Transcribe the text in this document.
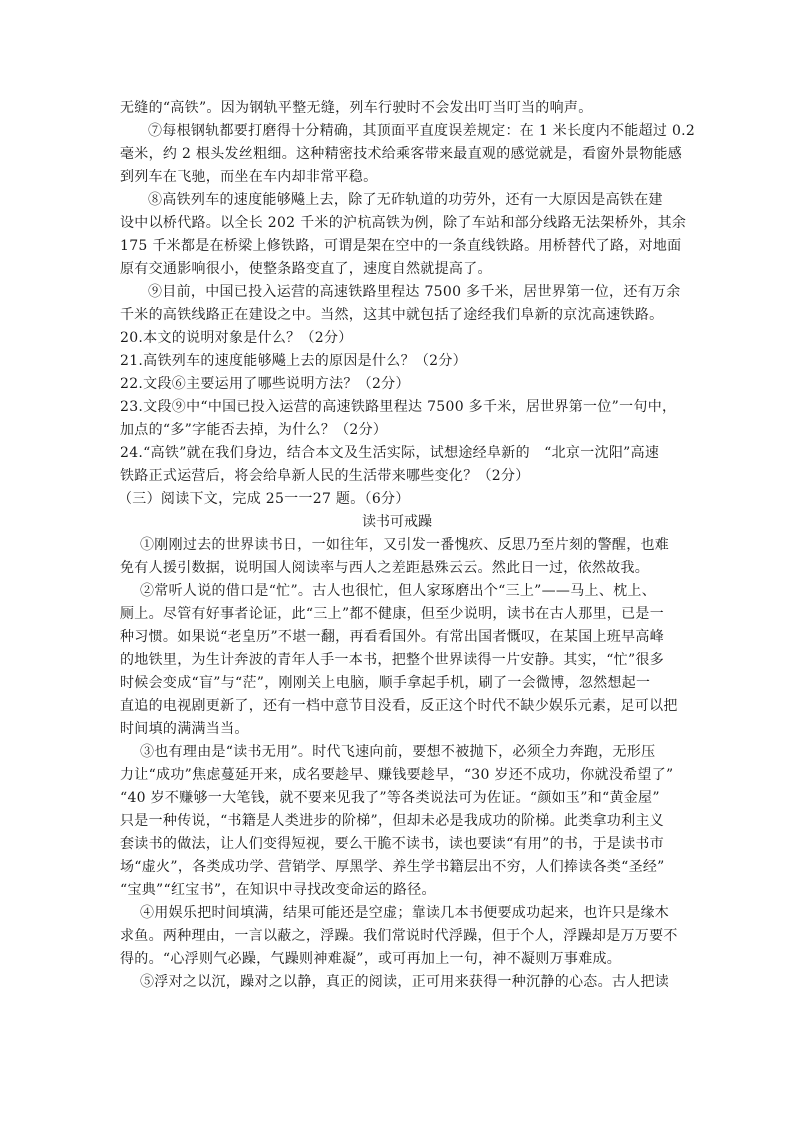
无缝的“高铁”。因为钢轨平整无缝，列车行驶时不会发出叮当叮当的响声。
⑦每根钢轨都要打磨得十分精确，其顶面平直度误差规定：在 1 米长度内不能超过 0.2
毫米，约 2 根头发丝粗细。这种精密技术给乘客带来最直观的感觉就是，看窗外景物能感
到列车在飞驰，而坐在车内却非常平稳。
⑧高铁列车的速度能够飚上去，除了无砟轨道的功劳外，还有一大原因是高铁在建
设中以桥代路。以全长 202 千米的沪杭高铁为例，除了车站和部分线路无法架桥外，其余
175 千米都是在桥梁上修铁路，可谓是架在空中的一条直线铁路。用桥替代了路，对地面
原有交通影响很小，使整条路变直了，速度自然就提高了。
⑨目前，中国已投入运营的高速铁路里程达 7500 多千米，居世界第一位，还有万余
千米的高铁线路正在建设之中。当然，这其中就包括了途经我们阜新的京沈高速铁路。
20.本文的说明对象是什么？（2分）
21.高铁列车的速度能够飚上去的原因是什么？（2分）
22.文段⑥主要运用了哪些说明方法？（2分）
23.文段⑨中“中国已投入运营的高速铁路里程达 7500 多千米，居世界第一位”一句中，
加点的“多”字能否去掉，为什么？（2分）
24.“高铁”就在我们身边，结合本文及生活实际，试想途经阜新的　“北京一沈阳”高速
铁路正式运营后，将会给阜新人民的生活带来哪些变化？（2分）
（三）阅读下文，完成 25一一27 题。（6分）
读书可戒躁
①刚刚过去的世界读书日，一如往年，又引发一番愧疚、反思乃至片刻的警醒，也难
免有人援引数据，说明国人阅读率与西人之差距悬殊云云。然此日一过，依然故我。
②常听人说的借口是“忙”。古人也很忙，但人家琢磨出个“三上”——马上、枕上、
厕上。尽管有好事者论证，此“三上”都不健康，但至少说明，读书在古人那里，已是一
种习惯。如果说“老皇历”不堪一翻，再看看国外。有常出国者慨叹，在某国上班早高峰
的地铁里，为生计奔波的青年人手一本书，把整个世界读得一片安静。其实，“忙”很多
时候会变成“盲”与“茫”，刚刚关上电脑，顺手拿起手机，刷了一会微博，忽然想起一
直追的电视剧更新了，还有一档中意节目没看，反正这个时代不缺少娱乐元素，足可以把
时间填的满满当当。
③也有理由是“读书无用”。时代飞速向前，要想不被抛下，必须全力奔跑，无形压
力让“成功”焦虑蔓延开来，成名要趁早、赚钱要趁早，“30 岁还不成功，你就没希望了”
“40 岁不赚够一大笔钱，就不要来见我了”等各类说法可为佐证。“颜如玉”和“黄金屋”
只是一种传说，“书籍是人类进步的阶梯”，但却未必是我成功的阶梯。此类拿功利主义
套读书的做法，让人们变得短视，要么干脆不读书，读也要读“有用”的书，于是读书市
场“虚火”，各类成功学、营销学、厚黑学、养生学书籍层出不穷，人们捧读各类“圣经”
“宝典”“红宝书”，在知识中寻找改变命运的路径。
④用娱乐把时间填满，结果可能还是空虚；靠读几本书便要成功起来，也许只是缘木
求鱼。两种理由，一言以蔽之，浮躁。我们常说时代浮躁，但于个人，浮躁却是万万要不
得的。“心浮则气必躁，气躁则神难凝”，或可再加上一句，神不凝则万事难成。
⑤浮对之以沉，躁对之以静，真正的阅读，正可用来获得一种沉静的心态。古人把读
